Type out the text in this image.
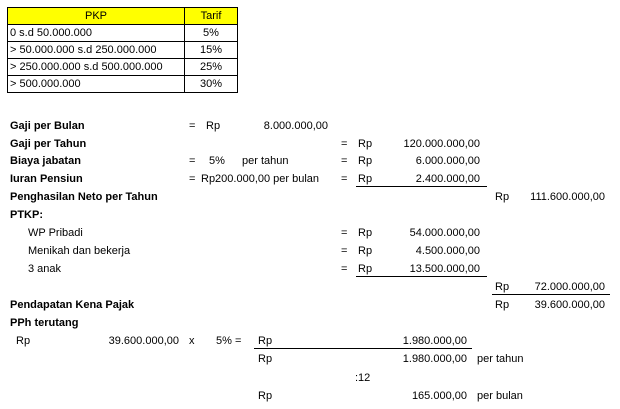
PKP	Tarif
0 s.d 50.000.000	5%
> 50.000.000 s.d 250.000.000	15%
> 250.000.000 s.d 500.000.000	25%
> 500.000.000	30%
Gaji per Bulan	= Rp	8.000.000,00
Gaji per Tahun	= Rp	120.000.000,00
Biaya jabatan	= 5% per tahun	= Rp	6.000.000,00
Iuran Pensiun	= Rp200.000,00 per bulan = Rp	2.400.000,00
Penghasilan Neto per Tahun	Rp	111.600.000,00
PTKP:
WP Pribadi	= Rp	54.000.000,00
Menikah dan bekerja	= Rp	4.500.000,00
3 anak	= Rp	13.500.000,00
Rp	72.000.000,00
Pendapatan Kena Pajak	Rp	39.600.000,00
PPh terutang
Rp	39.600.000,00 x 5% = Rp	1.980.000,00
Rp	1.980.000,00 per tahun
:12
Rp	165.000,00 per bulan
